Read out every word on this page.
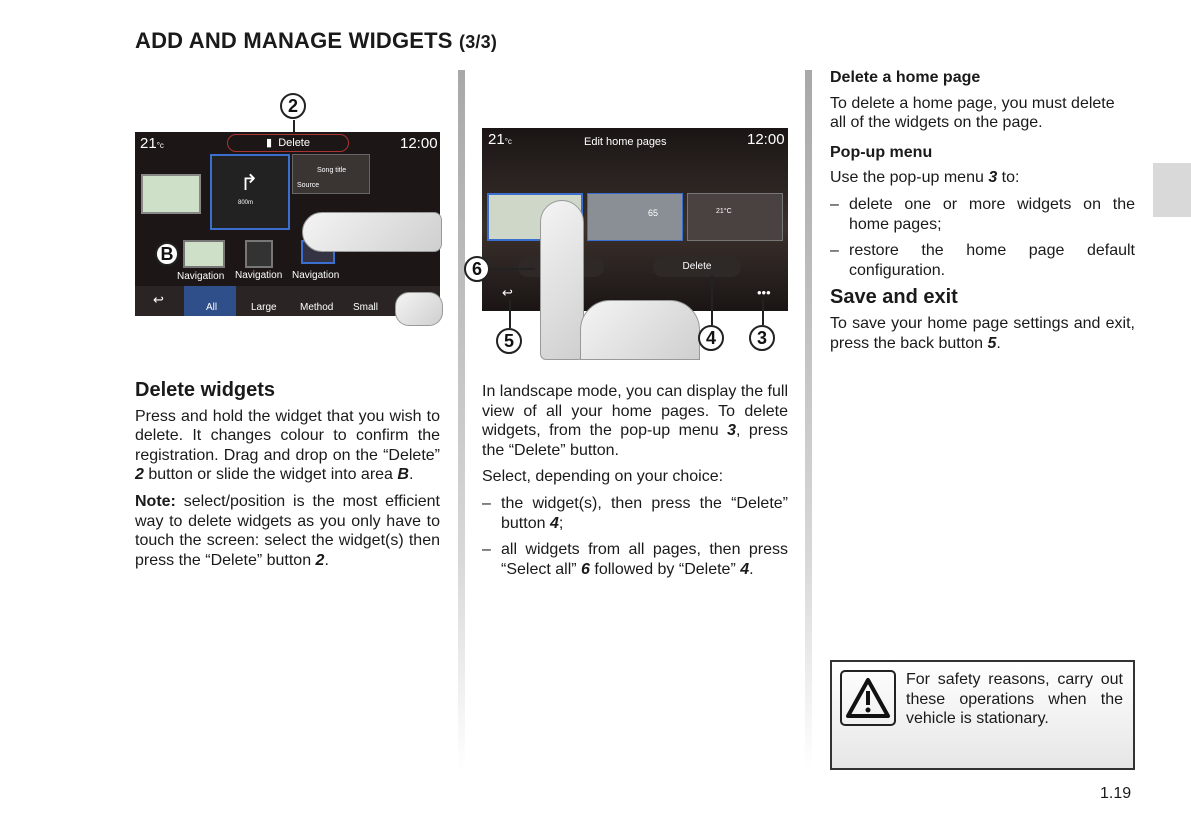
ADD AND MANAGE WIDGETS (3/3)
2
21°c	▮ Delete	12:00
800m
↱	Song title
Source
Navigation Navigation Navigation
↩
All	Large Method Small
B
21°c	Edit home pages	12:00
65	21°C
Delete
↩	•••
6
5	4	3
Delete widgets

Press and hold the widget that you wish to delete. It changes colour to confirm the registration. Drag and drop on the “Delete” 2 button or slide the widget into area B.

Note: select/position is the most efficient way to delete widgets as you only have to touch the screen: select the widget(s) then press the “Delete” button 2.

In landscape mode, you can display the full view of all your home pages. To delete widgets, from the pop-up menu 3, press the “Delete” button.

Select, depending on your choice:

– the widget(s), then press the “Delete” button 4;
– all widgets from all pages, then press “Select all” 6 followed by “Delete” 4.
Delete a home page

To delete a home page, you must delete all of the widgets on the page.

Pop-up menu

Use the pop-up menu 3 to:

– delete one or more widgets on the home pages;
– restore the home page default configuration.
Save and exit

To save your home page settings and exit, press the back button 5.

For safety reasons, carry out these operations when the vehicle is stationary.
1.19
